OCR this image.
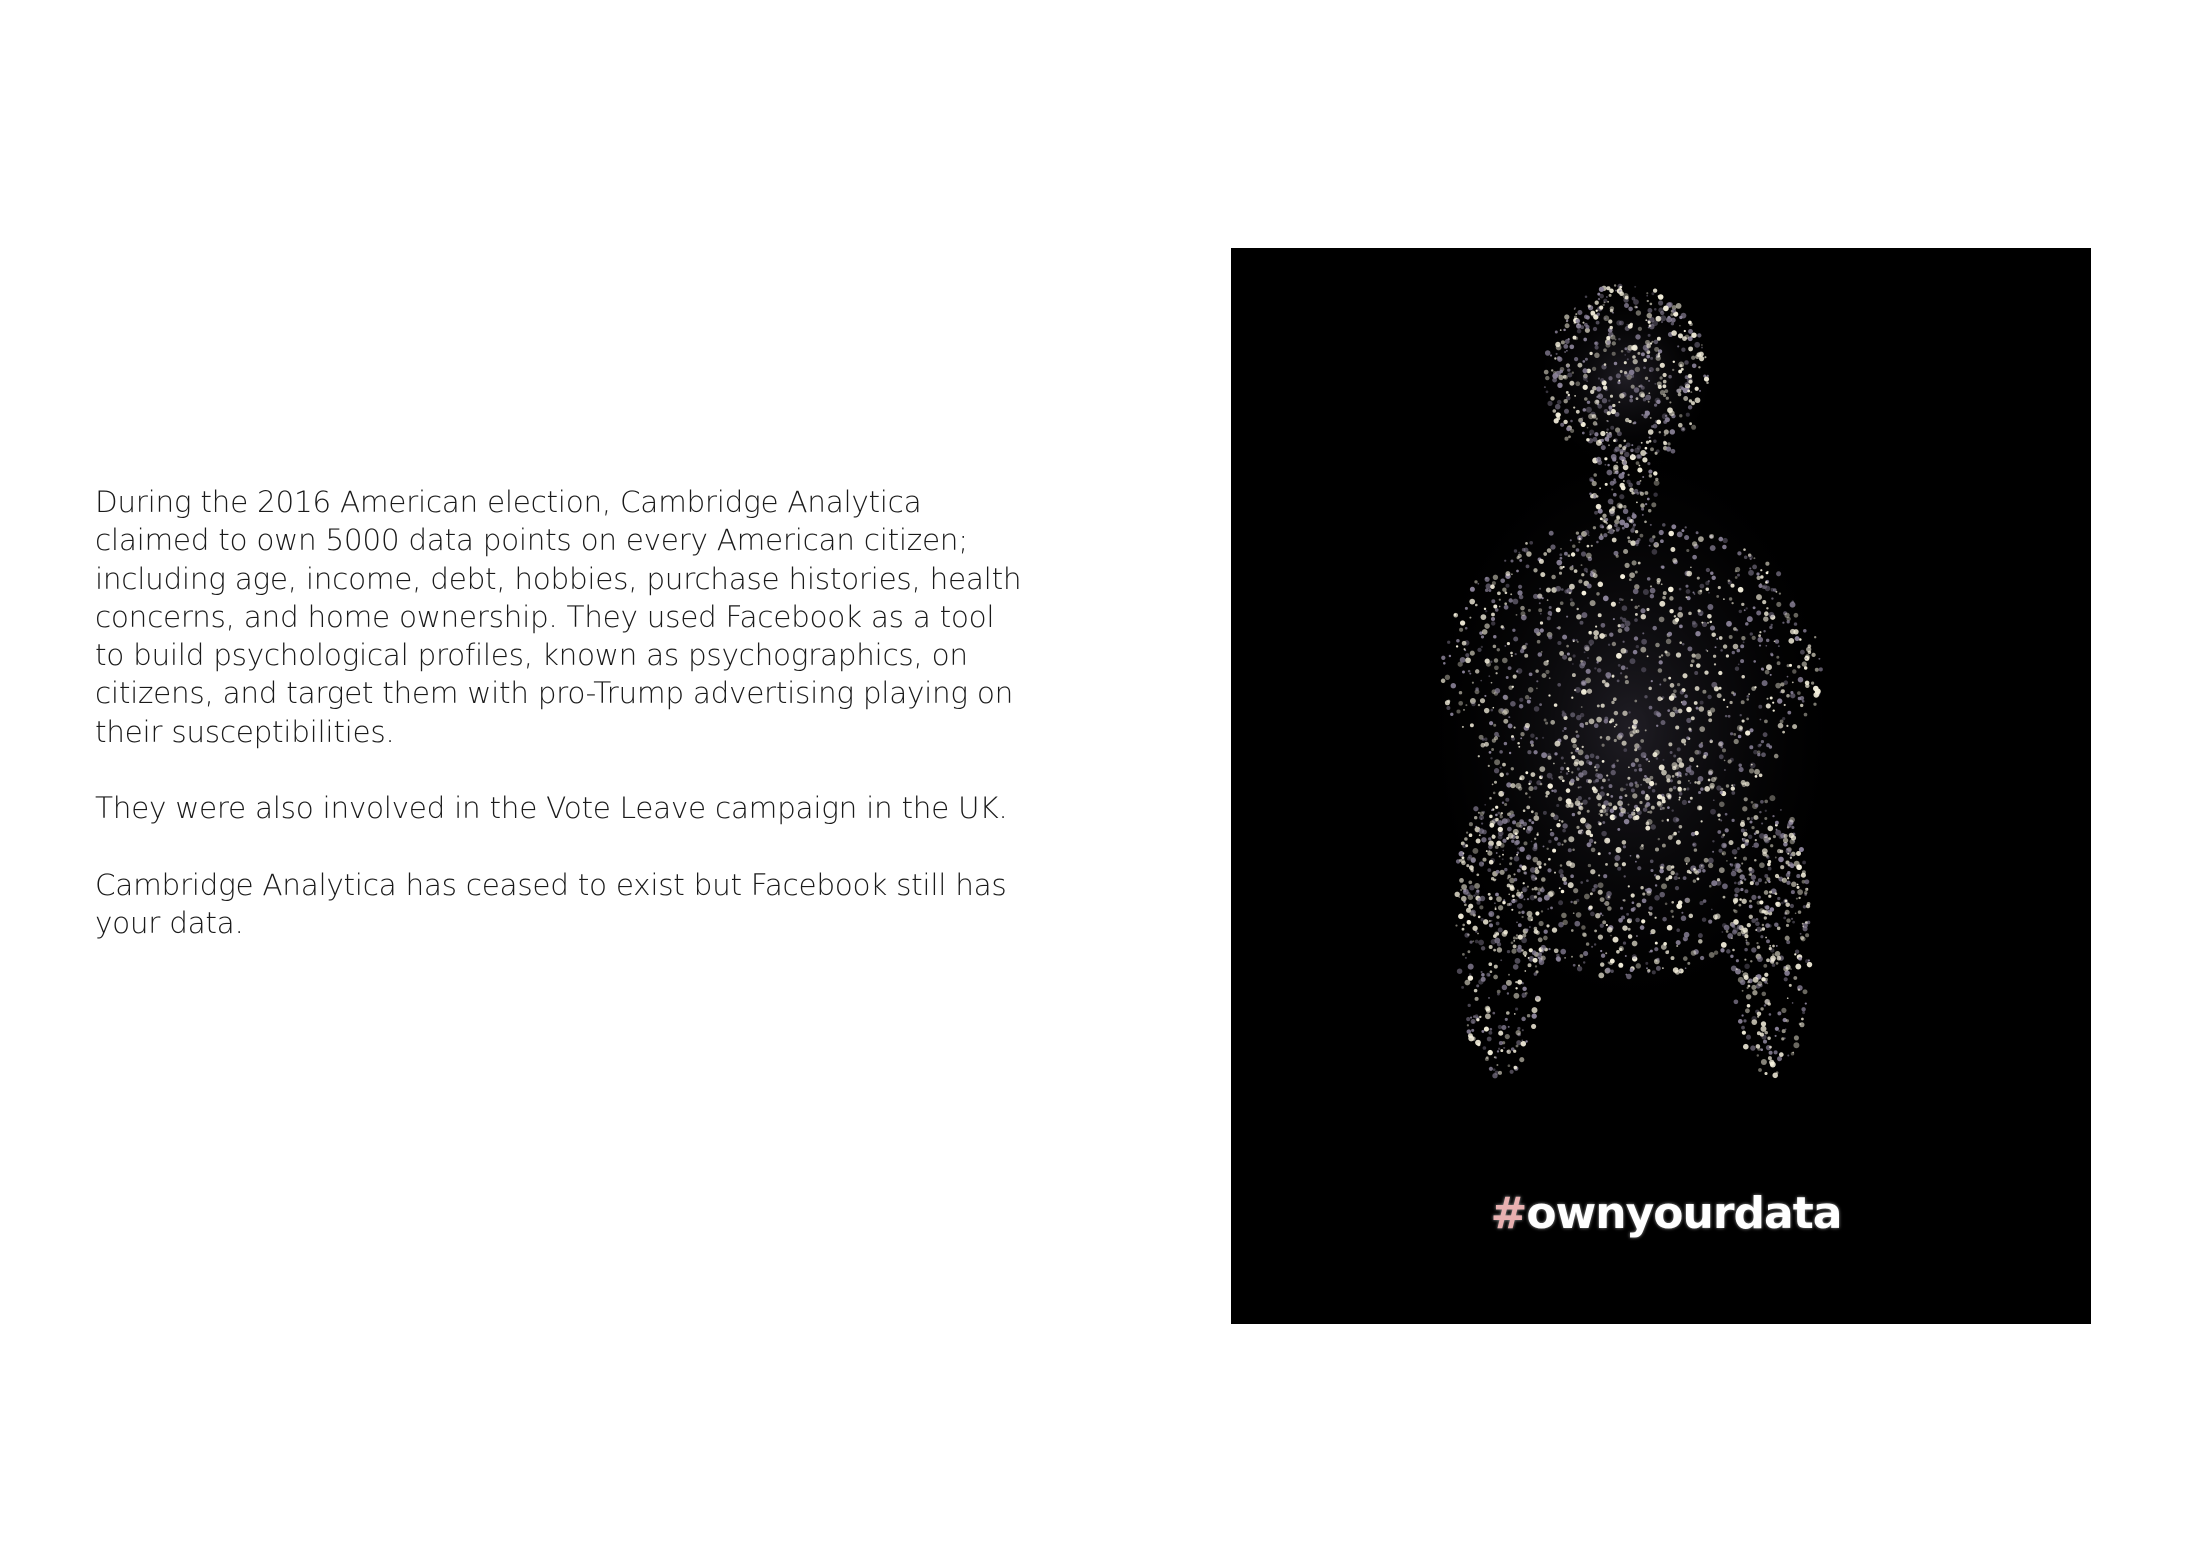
During the 2016 American election, Cambridge Analytica
claimed to own 5000 data points on every American citizen;
including age, income, debt, hobbies, purchase histories, health
concerns, and home ownership. They used Facebook as a tool
to build psychological profiles, known as psychographics, on
citizens, and target them with pro-Trump advertising playing on
their susceptibilities.

They were also involved in the Vote Leave campaign in the UK.

Cambridge Analytica has ceased to exist but Facebook still has
your data.

#ownyourdata
